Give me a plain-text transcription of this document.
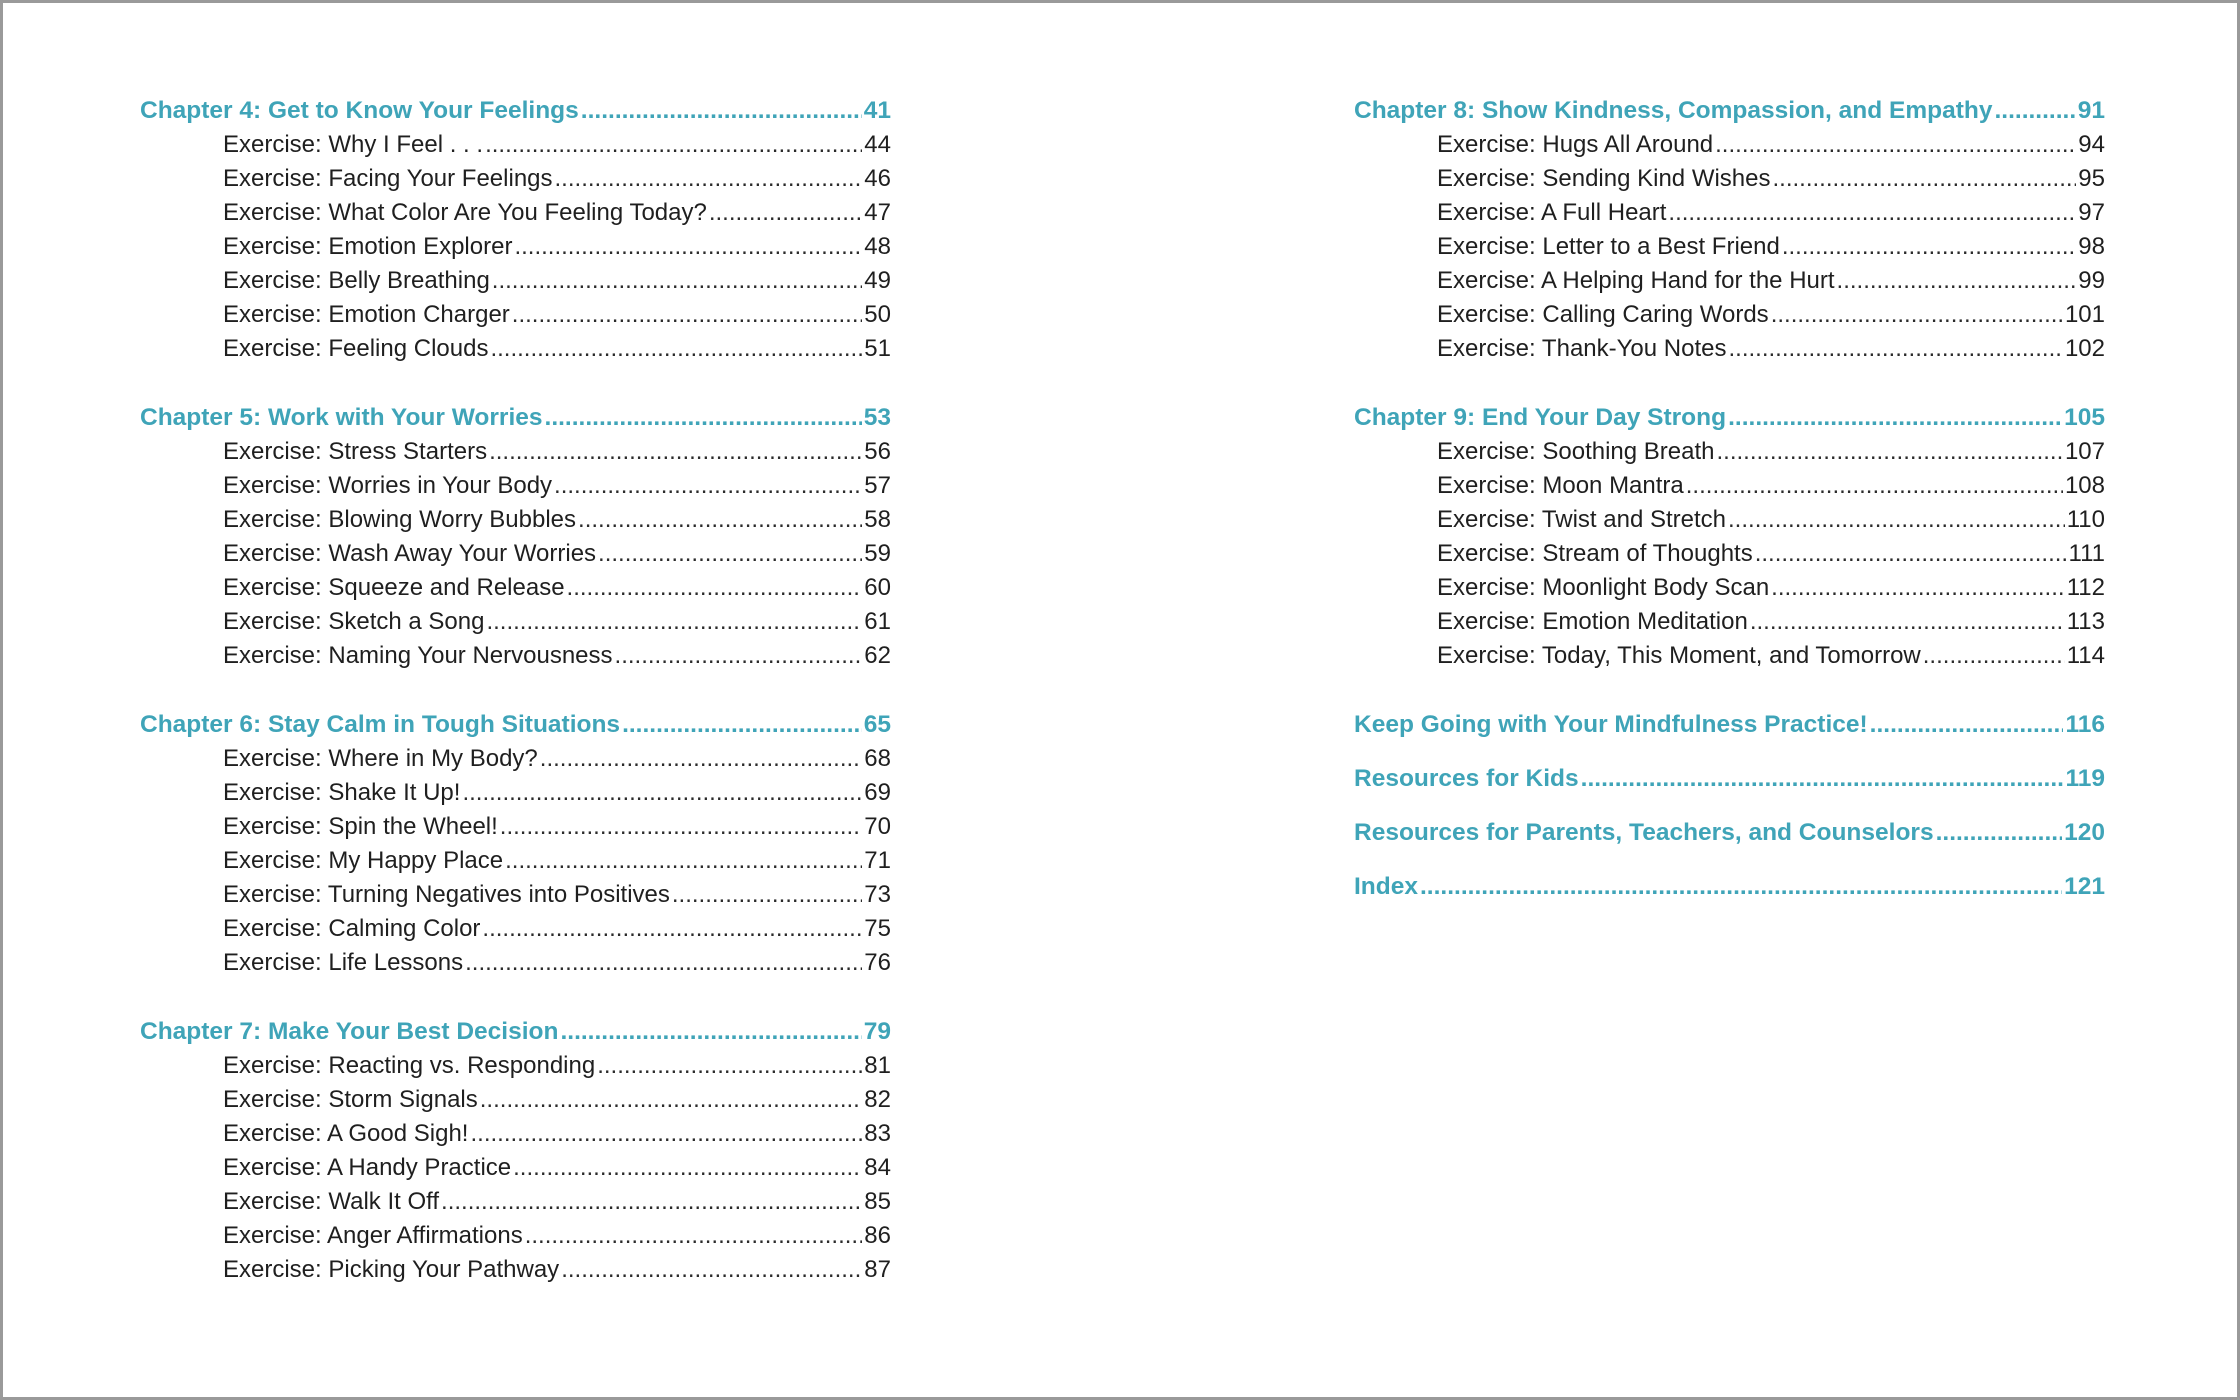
Chapter 4: Get to Know Your Feelings .....	41
Exercise: Why I Feel . . . .....	44
Exercise: Facing Your Feelings .....	46
Exercise: What Color Are You Feeling Today? .....	47
Exercise: Emotion Explorer .....	48
Exercise: Belly Breathing .....	49
Exercise: Emotion Charger .....	50
Exercise: Feeling Clouds .....	51
Chapter 5: Work with Your Worries .....	53
Exercise: Stress Starters .....	56
Exercise: Worries in Your Body .....	57
Exercise: Blowing Worry Bubbles .....	58
Exercise: Wash Away Your Worries .....	59
Exercise: Squeeze and Release .....	60
Exercise: Sketch a Song .....	61
Exercise: Naming Your Nervousness .....	62
Chapter 6: Stay Calm in Tough Situations .....	65
Exercise: Where in My Body? .....	68
Exercise: Shake It Up! .....	69
Exercise: Spin the Wheel! .....	70
Exercise: My Happy Place .....	71
Exercise: Turning Negatives into Positives .....	73
Exercise: Calming Color .....	75
Exercise: Life Lessons .....	76
Chapter 7: Make Your Best Decision .....	79
Exercise: Reacting vs. Responding .....	81
Exercise: Storm Signals .....	82
Exercise: A Good Sigh! .....	83
Exercise: A Handy Practice .....	84
Exercise: Walk It Off .....	85
Exercise: Anger Affirmations .....	86
Exercise: Picking Your Pathway .....	87
Chapter 8: Show Kindness, Compassion, and Empathy .....	91
Exercise: Hugs All Around .....	94
Exercise: Sending Kind Wishes .....	95
Exercise: A Full Heart .....	97
Exercise: Letter to a Best Friend .....	98
Exercise: A Helping Hand for the Hurt .....	99
Exercise: Calling Caring Words .....	101
Exercise: Thank-You Notes .....	102
Chapter 9: End Your Day Strong .....	105
Exercise: Soothing Breath .....	107
Exercise: Moon Mantra .....	108
Exercise: Twist and Stretch .....	110
Exercise: Stream of Thoughts .....	111
Exercise: Moonlight Body Scan .....	112
Exercise: Emotion Meditation .....	113
Exercise: Today, This Moment, and Tomorrow .....	114
Keep Going with Your Mindfulness Practice! .....	116
Resources for Kids .....	119
Resources for Parents, Teachers, and Counselors .....	120
Index .....	121
